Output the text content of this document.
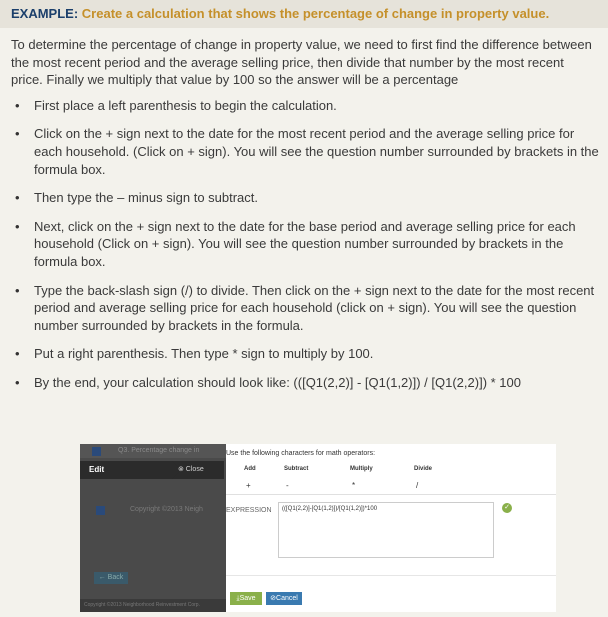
EXAMPLE: Create a calculation that shows the percentage of change in property value.

To determine the percentage of change in property value, we need to first find the difference between the most recent period and the average selling price, then divide that number by the most recent price. Finally we multiply that value by 100 so the answer will be a percentage

• First place a left parenthesis to begin the calculation.
• Click on the + sign next to the date for the most recent period and the average selling price for each household. (Click on + sign). You will see the question number surrounded by brackets in the formula box.
• Then type the – minus sign to subtract.
• Next, click on the + sign next to the date for the base period and average selling price for each household (Click on + sign). You will see the question number surrounded by brackets in the formula box.
• Type the back-slash sign (/) to divide. Then click on the + sign next to the date for the most recent period and average selling price for each household (click on + sign). You will see the question number surrounded by brackets in the formula.
• Put a right parenthesis. Then type * sign to multiply by 100.
• By the end, your calculation should look like: (([Q1(2,2)] - [Q1(1,2)]) / [Q1(2,2)]) * 100
Q3. Percentage change in
Edit	⊗ Close
Copyright ©2013 Neigh
← Back
Copyright ©2013 Neighborhood Reinvestment Corp.
Use the following characters for math operators:
Add	Subtract	Multiply	Divide
+	-	*	/
EXPRESSION (([Q1(2,2)]-[Q1(1,2)])/[Q1(1,2)])*100	✓
⤓Save	⊘Cancel
